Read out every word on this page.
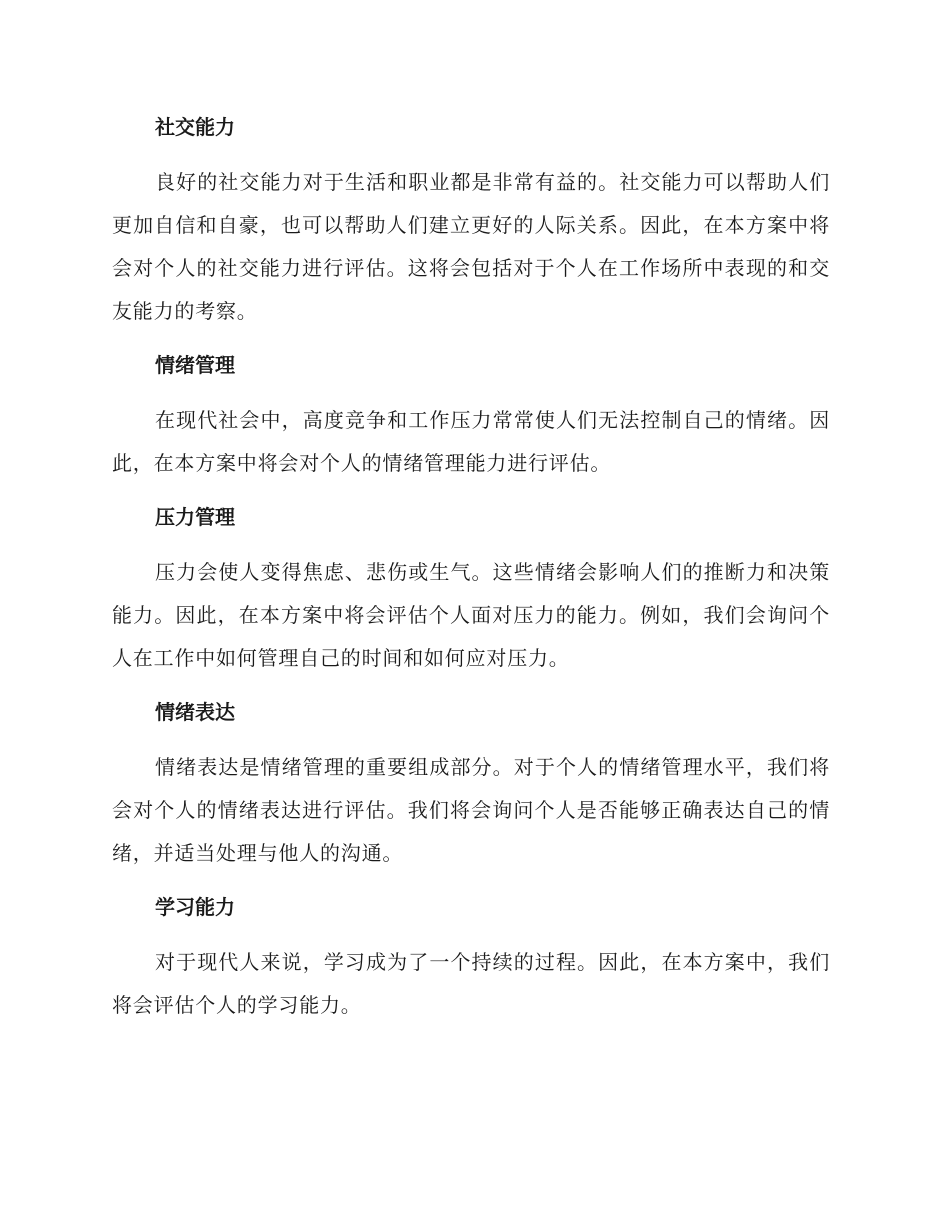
社交能力

良好的社交能力对于生活和职业都是非常有益的。社交能力可以帮助人们更加自信和自豪，也可以帮助人们建立更好的人际关系。因此，在本方案中将会对个人的社交能力进行评估。这将会包括对于个人在工作场所中表现的和交友能力的考察。

情绪管理

在现代社会中，高度竞争和工作压力常常使人们无法控制自己的情绪。因此，在本方案中将会对个人的情绪管理能力进行评估。

压力管理

压力会使人变得焦虑、悲伤或生气。这些情绪会影响人们的推断力和决策能力。因此，在本方案中将会评估个人面对压力的能力。例如，我们会询问个人在工作中如何管理自己的时间和如何应对压力。

情绪表达

情绪表达是情绪管理的重要组成部分。对于个人的情绪管理水平，我们将会对个人的情绪表达进行评估。我们将会询问个人是否能够正确表达自己的情绪，并适当处理与他人的沟通。

学习能力

对于现代人来说，学习成为了一个持续的过程。因此，在本方案中，我们将会评估个人的学习能力。
